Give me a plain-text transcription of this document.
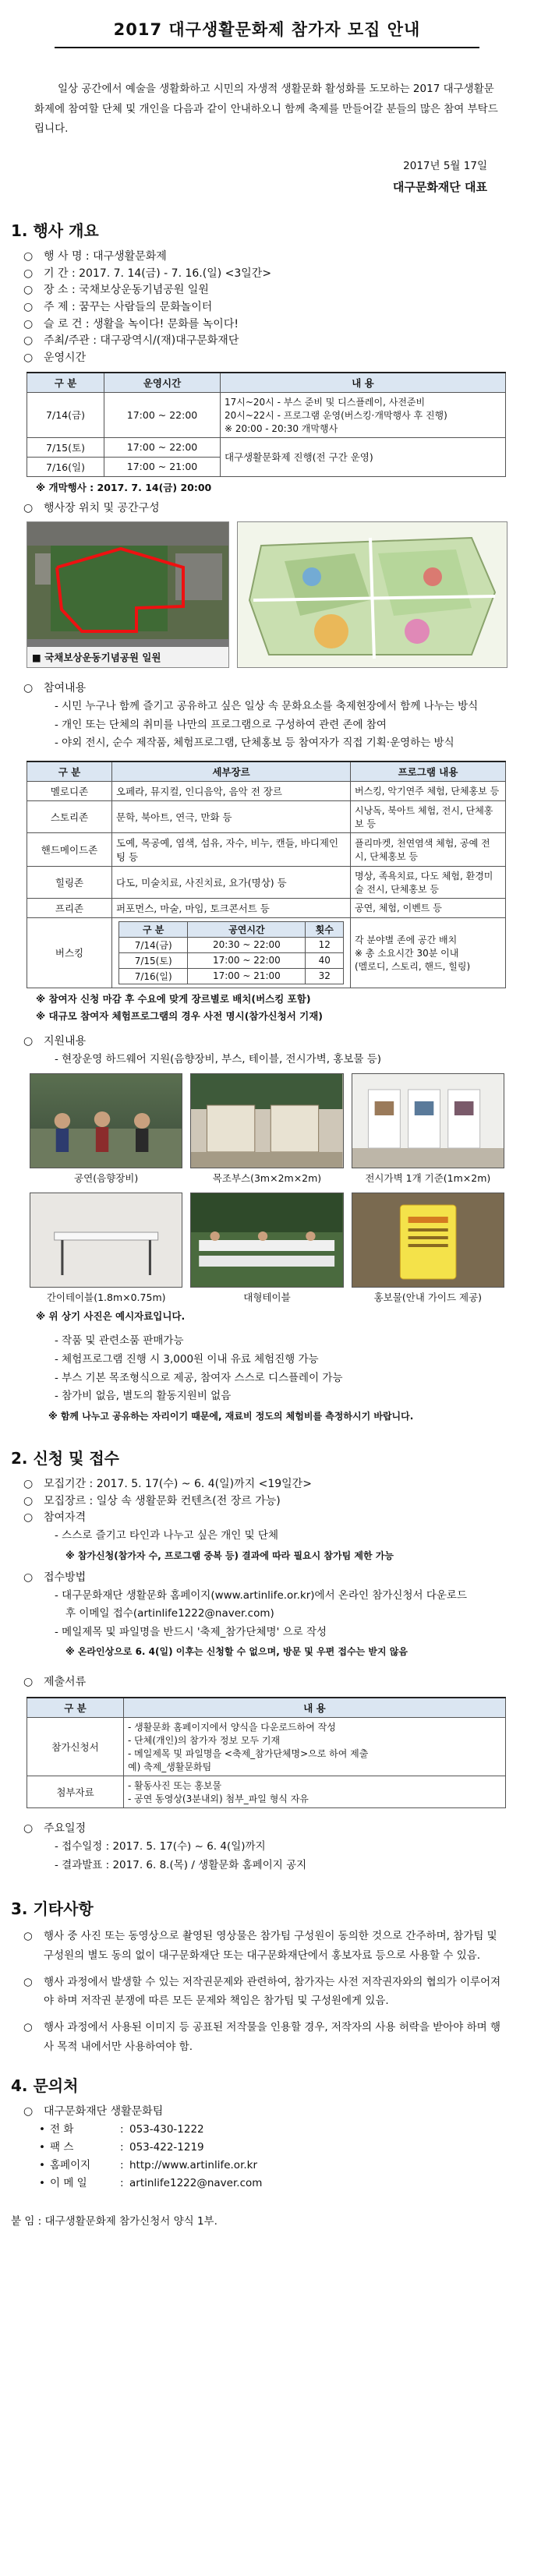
2017 대구생활문화제 참가자 모집 안내
일상 공간에서 예술을 생활화하고 시민의 자생적 생활문화 활성화를 도모하는 2017 대구생활문화제에 참여할 단체 및 개인을 다음과 같이 안내하오니 함께 축제를 만들어갈 분들의 많은 참여 부탁드립니다.
2017년 5월 17일
대구문화재단 대표
1. 행사 개요
○ 행 사 명 : 대구생활문화제
○ 기 간 : 2017. 7. 14(금) - 7. 16.(일) <3일간>
○ 장 소 : 국채보상운동기념공원 일원
○ 주 제 : 꿈꾸는 사람들의 문화놀이터
○ 슬 로 건 : 생활을 녹이다! 문화를 녹이다!
○ 주최/주관 : 대구광역시/(재)대구문화재단
○ 운영시간
구 분	운영시간	내 용
7/14(금)	17:00 ~ 22:00	17시~20시 - 부스 준비 및 디스플레이, 사전준비
20시~22시 - 프로그램 운영(버스킹·개막행사 후 진행)
※ 20:00 - 20:30 개막행사
7/15(토)	17:00 ~ 22:00	대구생활문화제 진행(전 구간 운영)
7/16(일)	17:00 ~ 21:00	
※ 개막행사 : 2017. 7. 14(금) 20:00
○ 행사장 위치 및 공간구성
■ 국채보상운동기념공원 일원
○ 참여내용
- 시민 누구나 함께 즐기고 공유하고 싶은 일상 속 문화요소를 축제현장에서 함께 나누는 방식
- 개인 또는 단체의 취미를 나만의 프로그램으로 구성하여 관련 존에 참여
- 야외 전시, 순수 제작품, 체험프로그램, 단체홍보 등 참여자가 직접 기획·운영하는 방식
구 분	세부장르	프로그램 내용
멜로디존	오페라, 뮤지컬, 인디음악, 음악 전 장르	버스킹, 악기연주 체험, 단체홍보 등
스토리존	문학, 북아트, 연극, 만화 등	시낭독, 북아트 체험, 전시, 단체홍보 등
핸드메이드존	도예, 목공예, 염색, 섬유, 자수, 비누, 캔들, 바디제인팅 등	플리마켓, 천연염색 체험, 공예 전시, 단체홍보 등
힐링존	다도, 미술치료, 사진치료, 요가(명상) 등	명상, 족욕치료, 다도 체험, 환경미술 전시, 단체홍보 등
프리존	퍼포먼스, 마술, 마임, 토크콘서트 등	공연, 체험, 이벤트 등
버스킹	
구 분	공연시간	횟수
7/14(금)	20:30 ~ 22:00	12
7/15(토)	17:00 ~ 22:00	40
7/16(일)	17:00 ~ 21:00	32
	각 분야별 존에 공간 배치
※ 총 소요시간 30분 이내
(멜로디, 스토리, 핸드, 힐링)
※ 참여자 신청 마감 후 수요에 맞게 장르별로 배치(버스킹 포함)
※ 대규모 참여자 체험프로그램의 경우 사전 명시(참가신청서 기재)
○ 지원내용
- 현장운영 하드웨어 지원(음향장비, 부스, 테이블, 전시가벽, 홍보물 등)
공연(음향장비)	목조부스(3m×2m×2m)	전시가벽 1개 기준(1m×2m)
간이테이블(1.8m×0.75m)	대형테이블	홍보물(안내 가이드 제공)
※ 위 상기 사진은 예시자료입니다.
- 작품 및 관련소품 판매가능
- 체험프로그램 진행 시 3,000원 이내 유료 체험진행 가능
- 부스 기본 목조형식으로 제공, 참여자 스스로 디스플레이 가능
- 참가비 없음, 별도의 활동지원비 없음
※ 함께 나누고 공유하는 자리이기 때문에, 재료비 정도의 체험비를 측정하시기 바랍니다.
2. 신청 및 접수
○ 모집기간 : 2017. 5. 17(수) ~ 6. 4(일)까지 <19일간>
○ 모집장르 : 일상 속 생활문화 컨텐츠(전 장르 가능)
○ 참여자격
- 스스로 즐기고 타인과 나누고 싶은 개인 및 단체
※ 참가신청(참가자 수, 프로그램 중복 등) 결과에 따라 필요시 참가팀 제한 가능
○ 접수방법
- 대구문화재단 생활문화 홈페이지(www.artinlife.or.kr)에서 온라인 참가신청서 다운로드 후 이메일 접수(artinlife1222@naver.com)
- 메일제목 및 파일명을 반드시 '축제_참가단체명' 으로 작성
※ 온라인상으로 6. 4(일) 이후는 신청할 수 없으며, 방문 및 우편 접수는 받지 않음
○ 제출서류
구 분	내 용
참가신청서	- 생활문화 홈페이지에서 양식을 다운로드하여 작성
- 단체(개인)의 참가자 정보 모두 기재
- 메일제목 및 파일명을 <축제_참가단체명>으로 하여 제출
예) 축제_생활문화팀
첨부자료	- 활동사진 또는 홍보물
- 공연 동영상(3분내외) 첨부_파일 형식 자유
○ 주요일정
- 접수일정 : 2017. 5. 17(수) ~ 6. 4(일)까지
- 결과발표 : 2017. 6. 8.(목) / 생활문화 홈페이지 공지
3. 기타사항
○	행사 중 사진 또는 동영상으로 촬영된 영상물은 참가팀 구성원이 동의한 것으로 간주하며, 참가팀 및 구성원의 별도 동의 없이 대구문화재단 또는 대구문화재단에서 홍보자료 등으로 사용할 수 있음.
○	행사 과정에서 발생할 수 있는 저작권문제와 관련하여, 참가자는 사전 저작권자와의 협의가 이루어져야 하며 저작권 분쟁에 따른 모든 문제와 책임은 참가팀 및 구성원에게 있음.
○	행사 과정에서 사용된 이미지 등 공표된 저작물을 인용할 경우, 저작자의 사용 허락을 받아야 하며 행사 목적 내에서만 사용하여야 함.
4. 문의처
○ 대구문화재단 생활문화팀
• 전 화	: 053-430-1222
• 팩 스	: 053-422-1219
• 홈페이지	: http://www.artinlife.or.kr
• 이 메 일	: artinlife1222@naver.com
붙 임 : 대구생활문화제 참가신청서 양식 1부.
